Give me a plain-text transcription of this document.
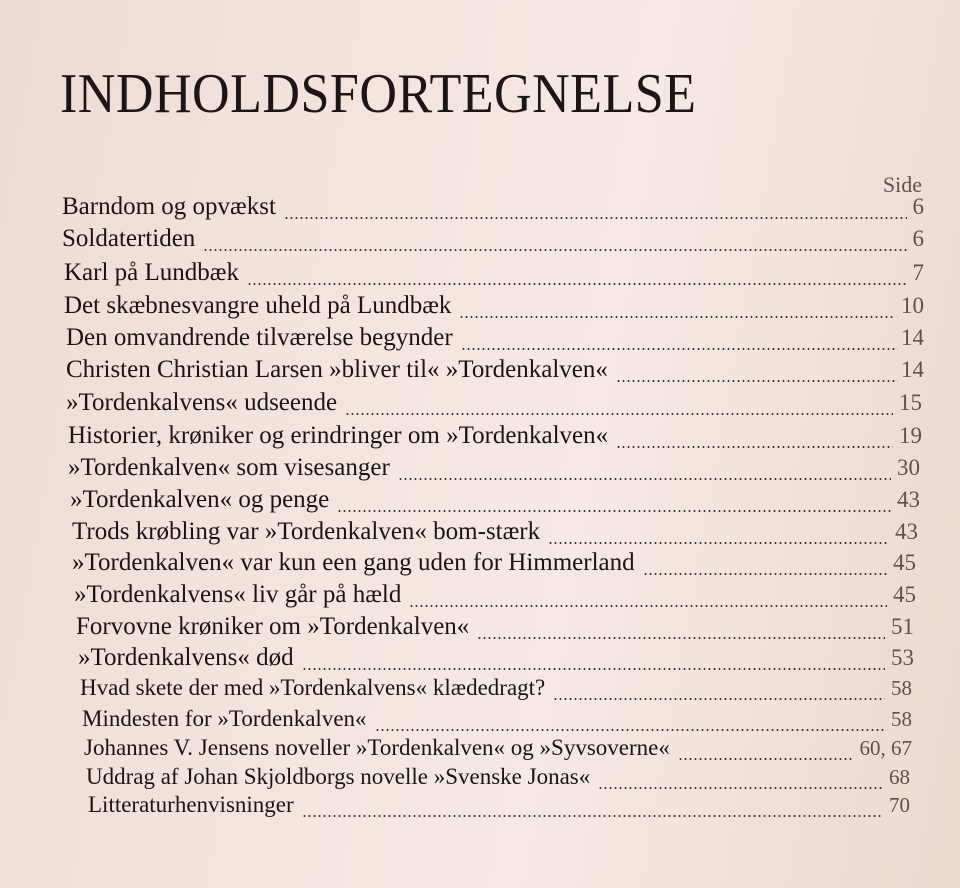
INDHOLDSFORTEGNELSE
Side
Barndom og opvækst	6
Soldatertiden	6
Karl på Lundbæk	7
Det skæbnesvangre uheld på Lundbæk	10
Den omvandrende tilværelse begynder	14
Christen Christian Larsen »bliver til« »Tordenkalven«	14
»Tordenkalvens« udseende	15
Historier, krøniker og erindringer om »Tordenkalven«	19
»Tordenkalven« som visesanger	30
»Tordenkalven« og penge	43
Trods krøbling var »Tordenkalven« bom-stærk	43
»Tordenkalven« var kun een gang uden for Himmerland	45
»Tordenkalvens« liv går på hæld	45
Forvovne krøniker om »Tordenkalven«	51
»Tordenkalvens« død	53
Hvad skete der med »Tordenkalvens« klædedragt?	58
Mindesten for »Tordenkalven«	58
Johannes V. Jensens noveller »Tordenkalven« og »Syvsoverne«	60, 67
Uddrag af Johan Skjoldborgs novelle »Svenske Jonas«	68
Litteraturhenvisninger	70
